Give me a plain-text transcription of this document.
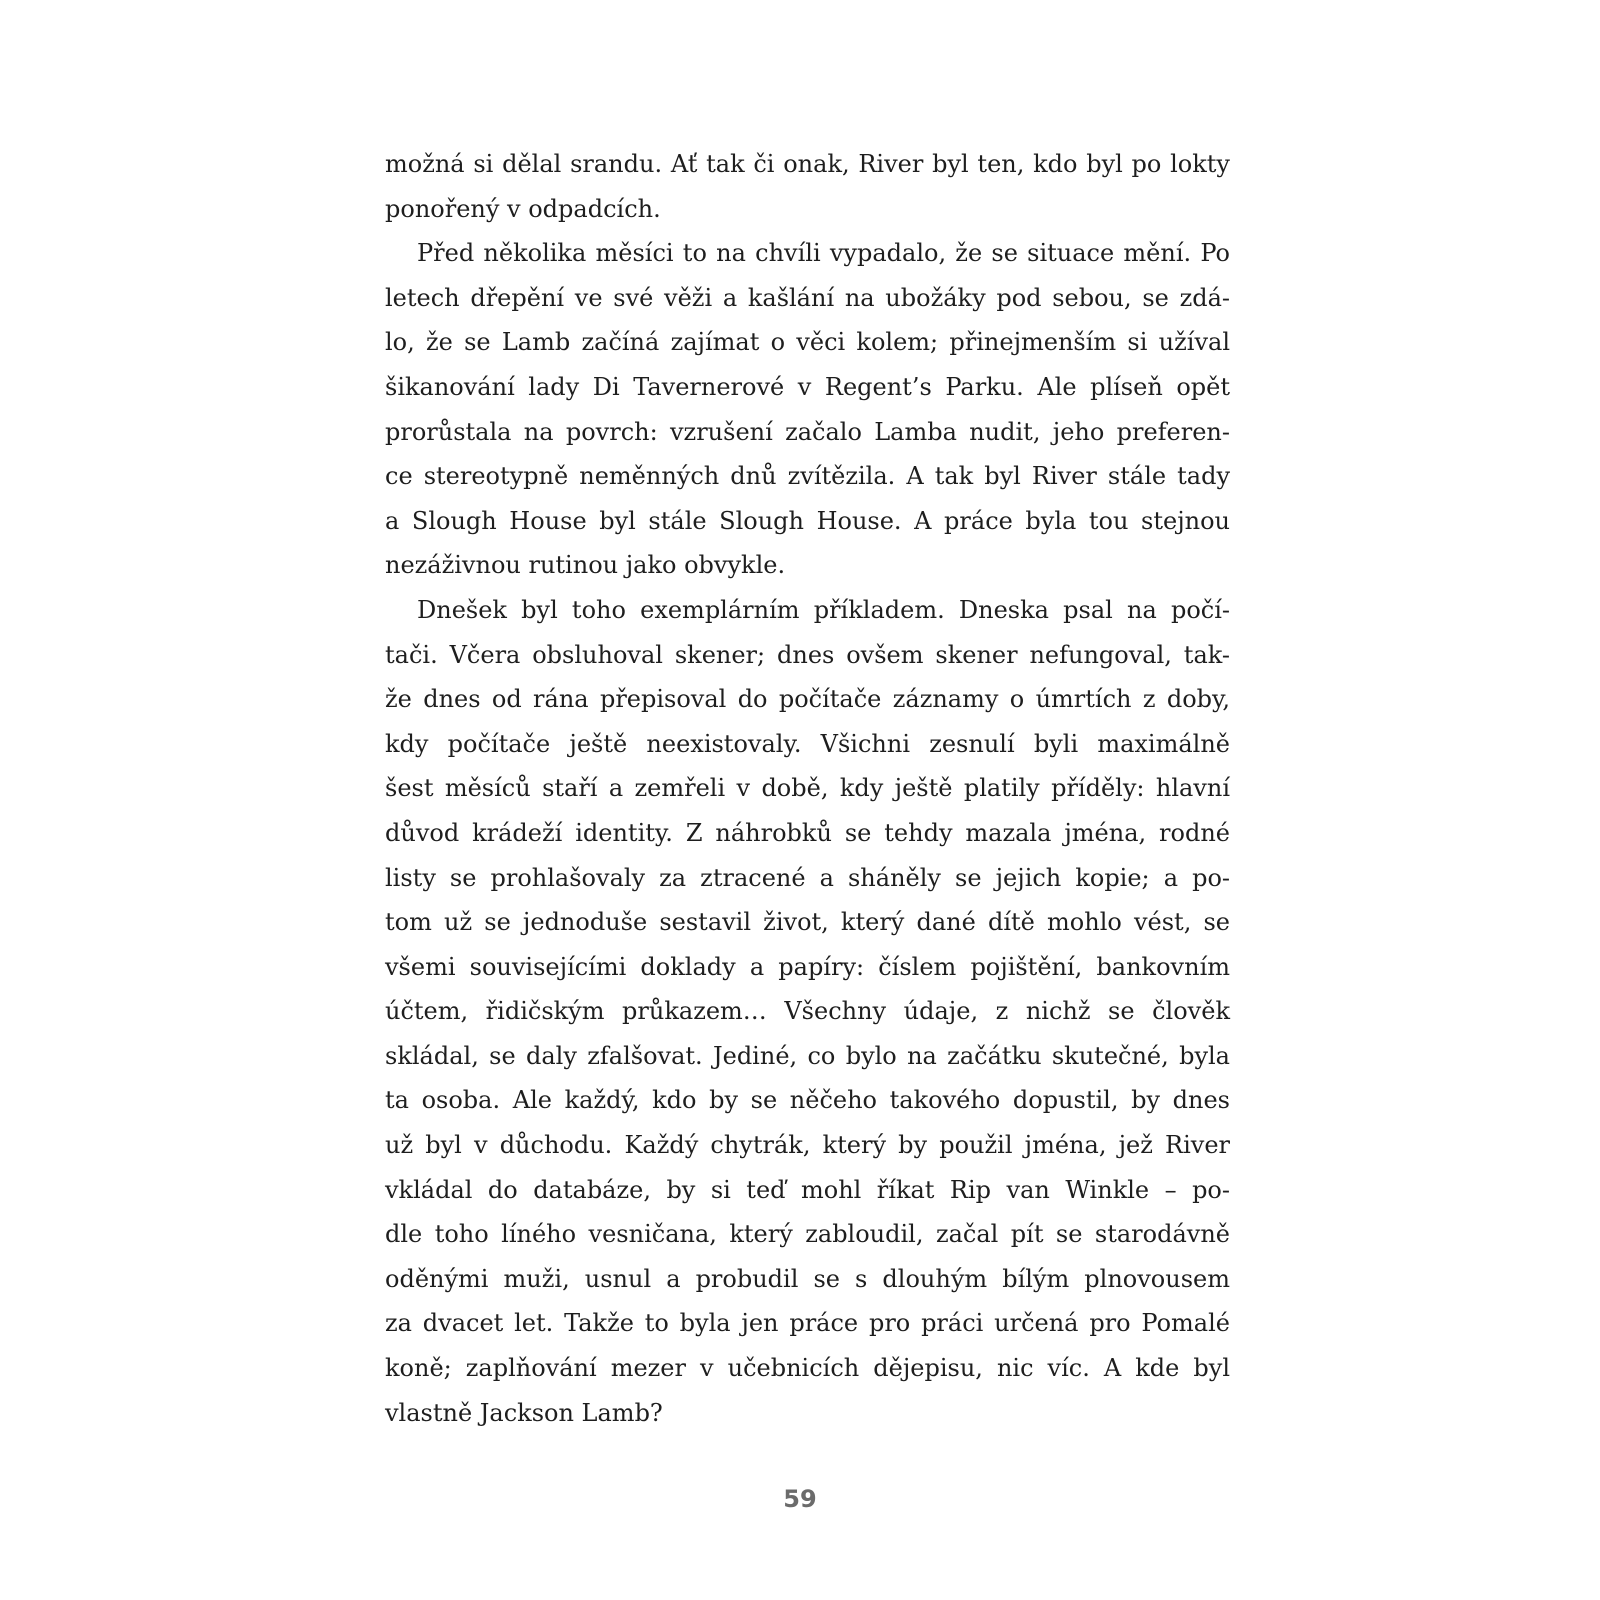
možná si dělal srandu. Ať tak či onak, River byl ten, kdo byl po lokty
ponořený v odpadcích.
Před několika měsíci to na chvíli vypadalo, že se situace mění. Po
letech dřepění ve své věži a kašlání na ubožáky pod sebou, se zdá-
lo, že se Lamb začíná zajímat o věci kolem; přinejmenším si užíval
šikanování lady Di Tavernerové v Regent’s Parku. Ale plíseň opět
prorůstala na povrch: vzrušení začalo Lamba nudit, jeho preferen-
ce stereotypně neměnných dnů zvítězila. A tak byl River stále tady
a Slough House byl stále Slough House. A práce byla tou stejnou
nezáživnou rutinou jako obvykle.
Dnešek byl toho exemplárním příkladem. Dneska psal na počí-
tači. Včera obsluhoval skener; dnes ovšem skener nefungoval, tak-
že dnes od rána přepisoval do počítače záznamy o úmrtích z doby,
kdy počítače ještě neexistovaly. Všichni zesnulí byli maximálně
šest měsíců staří a zemřeli v době, kdy ještě platily příděly: hlavní
důvod krádeží identity. Z náhrobků se tehdy mazala jména, rodné
listy se prohlašovaly za ztracené a sháněly se jejich kopie; a po-
tom už se jednoduše sestavil život, který dané dítě mohlo vést, se
všemi souvisejícími doklady a papíry: číslem pojištění, bankovním
účtem, řidičským průkazem… Všechny údaje, z nichž se člověk
skládal, se daly zfalšovat. Jediné, co bylo na začátku skutečné, byla
ta osoba. Ale každý, kdo by se něčeho takového dopustil, by dnes
už byl v důchodu. Každý chytrák, který by použil jména, jež River
vkládal do databáze, by si teď mohl říkat Rip van Winkle – po-
dle toho líného vesničana, který zabloudil, začal pít se starodávně
oděnými muži, usnul a probudil se s dlouhým bílým plnovousem
za dvacet let. Takže to byla jen práce pro práci určená pro Pomalé
koně; zaplňování mezer v učebnicích dějepisu, nic víc. A kde byl
vlastně Jackson Lamb?
59
